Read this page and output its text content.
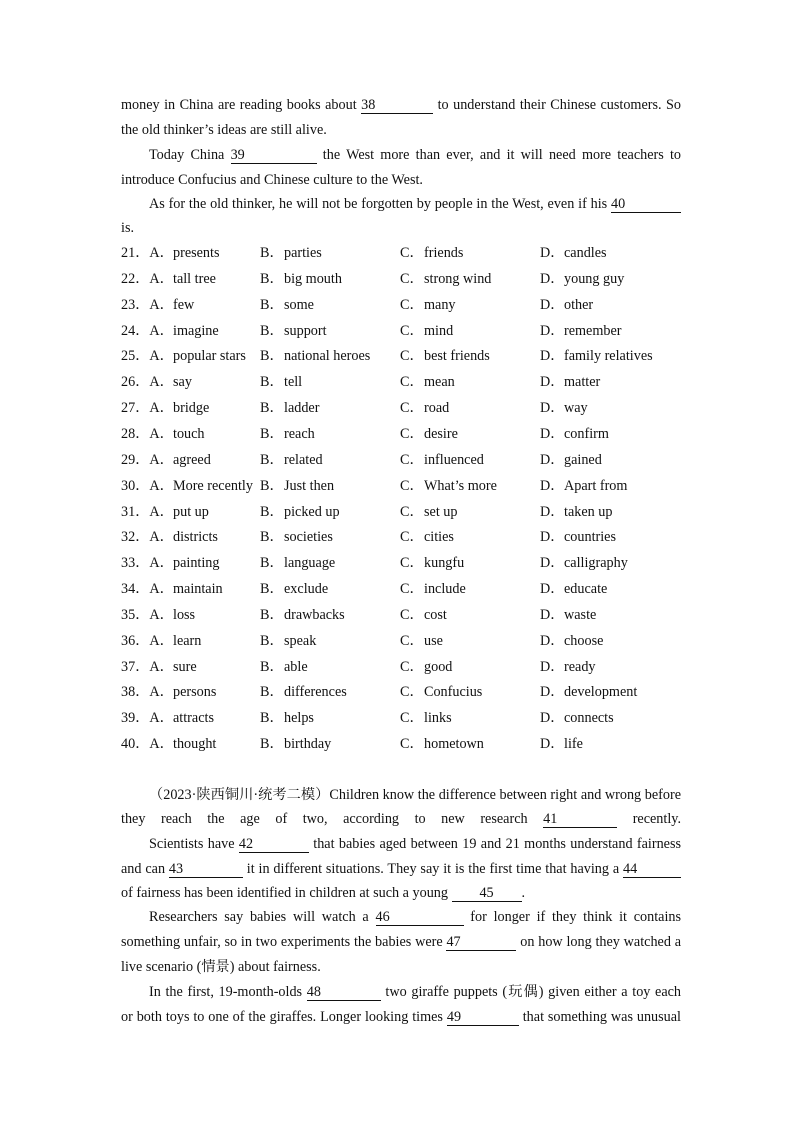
money in China are reading books about 38	to understand their Chinese customers. So
the old thinker’s ideas are still alive.
Today China 39	the West more than ever, and it will need more teachers to
introduce Confucius and Chinese culture to the West.
As for the old thinker, he will not be forgotten by people in the West, even if his 40
is.
21．A． presents	B． parties	C． friends	D． candles
22．A． tall tree	B． big mouth	C． strong wind	D． young guy
23．A． few	B． some	C． many	D． other
24．A． imagine	B． support	C． mind	D． remember
25．A． popular stars B． national heroes C． best friends	D． family relatives
26．A． say	B． tell	C． mean	D． matter
27．A． bridge	B． ladder	C． road	D． way
28．A． touch	B． reach	C． desire	D． confirm
29．A． agreed	B． related	C． influenced	D． gained
30．A． More recently B． Just then	C． What’s more	D． Apart from
31．A． put up	B． picked up	C． set up	D． taken up
32．A． districts	B． societies	C． cities	D． countries
33．A． painting	B． language	C． kungfu	D． calligraphy
34．A． maintain	B． exclude	C． include	D． educate
35．A． loss	B． drawbacks	C． cost	D． waste
36．A． learn	B． speak	C． use	D． choose
37．A． sure	B． able	C． good	D． ready
38．A． persons	B． differences	C． Confucius	D． development
39．A． attracts	B． helps	C． links	D． connects
40．A． thought	B． birthday	C． hometown	D． life
（2023·陕西铜川·统考二模）Children know the difference between right and wrong before
they reach the age of two, according to new research 41	recently.
Scientists have 42	that babies aged between 19 and 21 months understand fairness
and can 43	it in different situations. They say it is the first time that having a 44
of fairness has been identified in children at such a young 45 .
Researchers say babies will watch a 46	for longer if they think it contains
something unfair, so in two experiments the babies were 47	on how long they watched a
live scenario (情景) about fairness.
In the first, 19-month-olds 48	two giraffe puppets (玩偶) given either a toy each
or both toys to one of the giraffes. Longer looking times 49	that something was unusual
